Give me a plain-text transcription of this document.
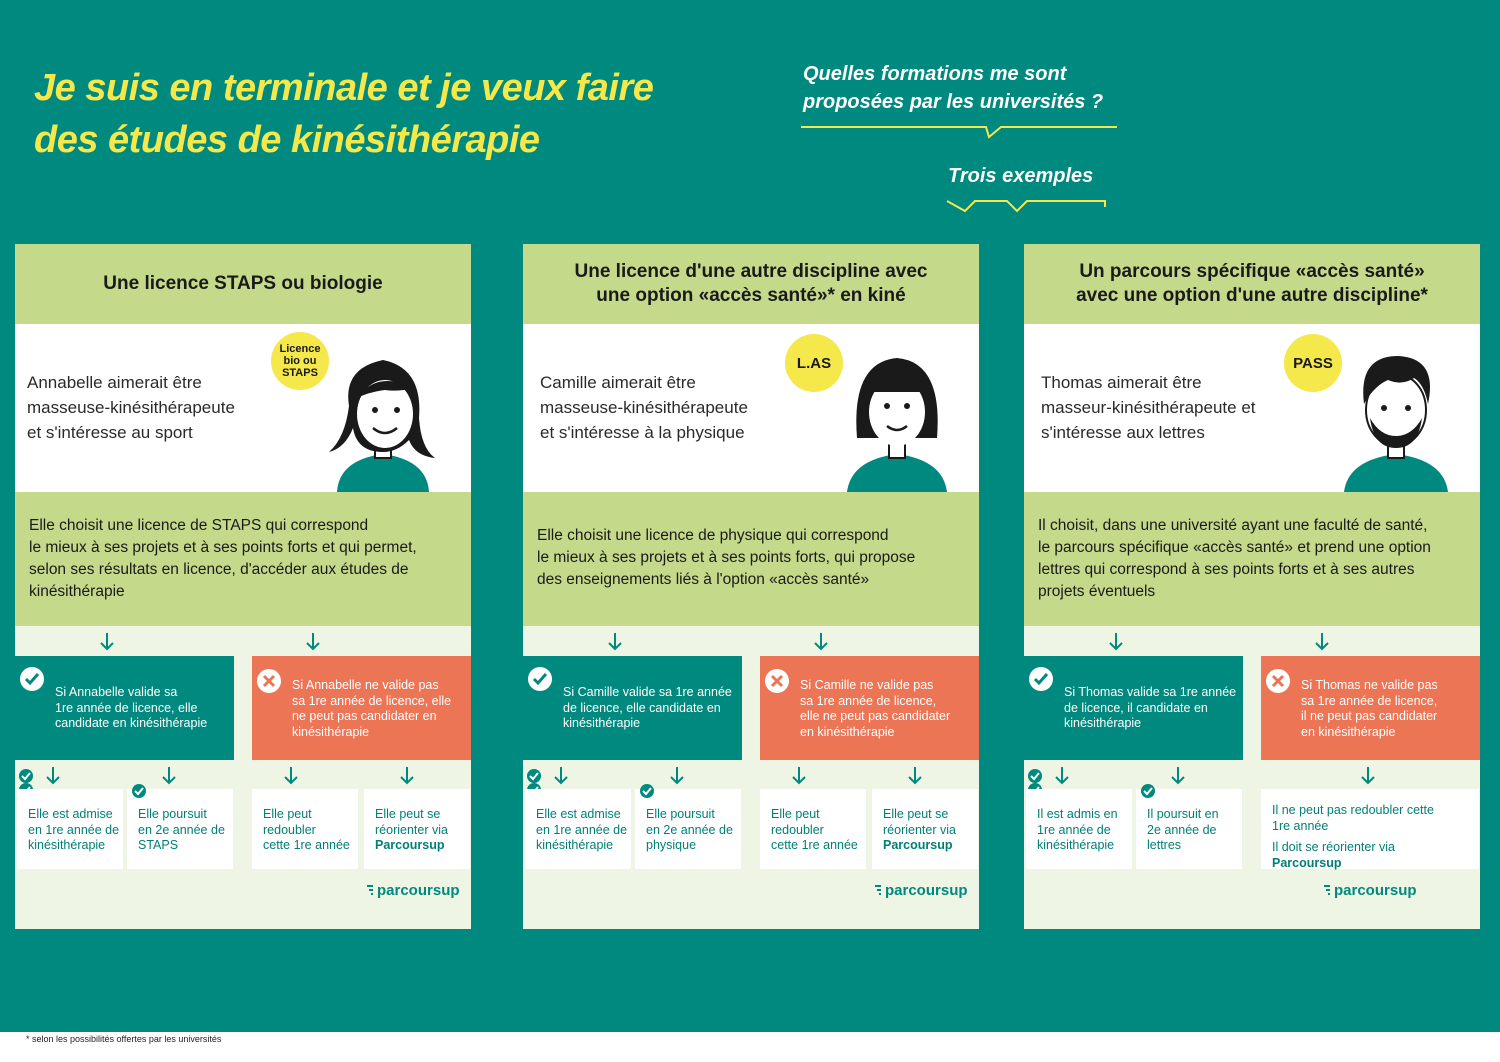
Je suis en terminale et je veux faire
des études de kinésithérapie
Quelles formations me sont
proposées par les universités ?
Trois exemples
Une licence STAPS ou biologie
Annabelle aimerait être
masseuse-kinésithérapeute
et s'intéresse au sport
Licence
bio ou
STAPS
Elle choisit une licence de STAPS qui correspond
le mieux à ses projets et à ses points forts et qui permet,
selon ses résultats en licence, d'accéder aux études de
kinésithérapie
Si Annabelle valide sa
1re année de licence, elle
candidate en kinésithérapie
Si Annabelle ne valide pas
sa 1re année de licence, elle
ne peut pas candidater en
kinésithérapie
Elle est admise
en 1re année de
kinésithérapie
Elle poursuit
en 2e année de
STAPS
Elle peut
redoubler
cette 1re année
Elle peut se
réorienter via
Parcoursup
parcoursup
Une licence d'une autre discipline avec
une option «accès santé»* en kiné
Camille aimerait être
masseuse-kinésithérapeute
et s'intéresse à la physique
L.AS
Elle choisit une licence de physique qui correspond
le mieux à ses projets et à ses points forts, qui propose
des enseignements liés à l'option «accès santé»
Si Camille valide sa 1re année
de licence, elle candidate en
kinésithérapie
Si Camille ne valide pas
sa 1re année de licence,
elle ne peut pas candidater
en kinésithérapie
Elle est admise
en 1re année de
kinésithérapie
Elle poursuit
en 2e année de
physique
Elle peut
redoubler
cette 1re année
Elle peut se
réorienter via
Parcoursup
parcoursup
Un parcours spécifique «accès santé»
avec une option d'une autre discipline*
Thomas aimerait être
masseur-kinésithérapeute et
s'intéresse aux lettres
PASS
Il choisit, dans une université ayant une faculté de santé,
le parcours spécifique «accès santé» et prend une option
lettres qui correspond à ses points forts et à ses autres
projets éventuels
Si Thomas valide sa 1re année
de licence, il candidate en
kinésithérapie
Si Thomas ne valide pas
sa 1re année de licence,
il ne peut pas candidater
en kinésithérapie
Il est admis en
1re année de
kinésithérapie
Il poursuit en
2e année de
lettres
Il ne peut pas redoubler cette
1re année
Il doit se réorienter via
Parcoursup
parcoursup
* selon les possibilités offertes par les universités
